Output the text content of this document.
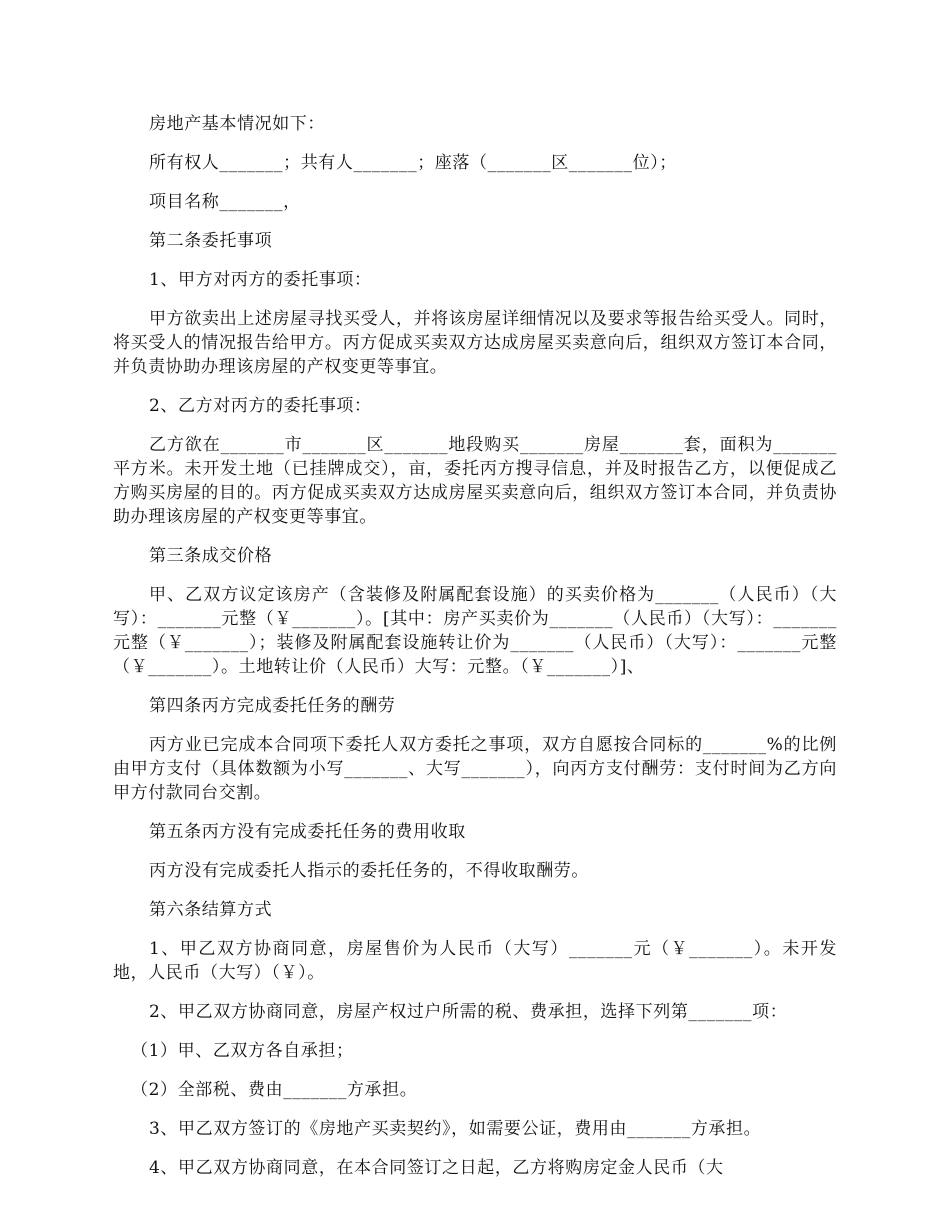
房地产基本情况如下：

所有权人_______；共有人_______；座落（_______区_______位）；

项目名称_______，

第二条委托事项

1、甲方对丙方的委托事项：

甲方欲卖出上述房屋寻找买受人，并将该房屋详细情况以及要求等报告给买受人。同时，将买受人的情况报告给甲方。丙方促成买卖双方达成房屋买卖意向后，组织双方签订本合同，并负责协助办理该房屋的产权变更等事宜。

2、乙方对丙方的委托事项：

乙方欲在_______市_______区_______地段购买_______房屋_______套，面积为_______平方米。未开发土地（已挂牌成交），亩，委托丙方搜寻信息，并及时报告乙方，以便促成乙方购买房屋的目的。丙方促成买卖双方达成房屋买卖意向后，组织双方签订本合同，并负责协助办理该房屋的产权变更等事宜。

第三条成交价格

甲、乙双方议定该房产（含装修及附属配套设施）的买卖价格为_______（人民币）（大写）：_______元整（￥_______）。[其中：房产买卖价为_______（人民币）（大写）：_______元整（￥_______）；装修及附属配套设施转让价为_______（人民币）（大写）：_______元整（￥_______）。土地转让价（人民币）大写：元整。（￥_______）]、

第四条丙方完成委托任务的酬劳

丙方业已完成本合同项下委托人双方委托之事项，双方自愿按合同标的_______%的比例由甲方支付（具体数额为小写_______、大写_______），向丙方支付酬劳：支付时间为乙方向甲方付款同台交割。

第五条丙方没有完成委托任务的费用收取

丙方没有完成委托人指示的委托任务的，不得收取酬劳。

第六条结算方式

1、甲乙双方协商同意，房屋售价为人民币（大写）_______元（￥_______）。未开发地，人民币（大写）（￥）。

2、甲乙双方协商同意，房屋产权过户所需的税、费承担，选择下列第_______项：

（1）甲、乙双方各自承担；

（2）全部税、费由_______方承担。

3、甲乙双方签订的《房地产买卖契约》，如需要公证，费用由_______方承担。

4、甲乙双方协商同意，在本合同签订之日起，乙方将购房定金人民币（大
